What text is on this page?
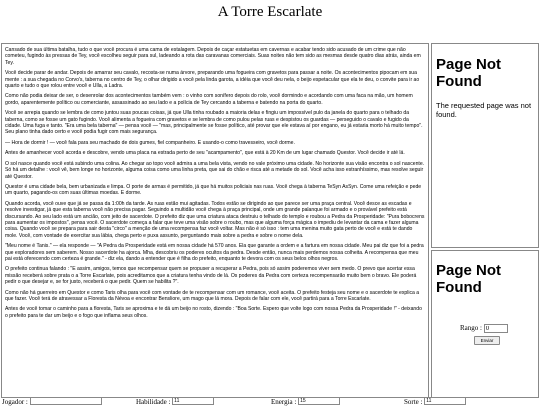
A Torre Escarlate

Cansado de sua última batalha, tudo o que você procura é uma cama de estalagem. Depois de caçar estatuetas em cavernas e acabar tendo sido acusado de um crime que não cometeu, fugindo às pressas de Tey, você escolheu seguir para sul, ladeando a rota das caravanas comerciais. Suas noites não tem sido as mesmas desde quatro dias atrás, ainda em Tey.

Você decide parar de andar. Depois de amarrar seu cavalo, recosta-se numa árvore, preparando uma fogueira com gravetos para passar a noite. Os acontecimentos pipocam em sua mente : a sua chegada no Corvo's, taberna no centro de Tey, o olhar dirigido a você pela linda garota, a idéia que você deu nela, o beijo espetacular que ela te deu, o convite para ir ao quarto e tudo o que rolou entre você e Ulla, a Ladra.

Como não podia deixar de ser, o desenrolar dos acontecimentos também vem : o vinho com sonífero depois do rolo, você dormindo e acordando com uma faca na mão, um homem gordo, aparentemente político ou comerciante, assassinado ao seu lado e a polícia de Tey cercando a taberna e batendo na porta do quarto.

Você se arrepia quando se lembra de como juntou suas poucas coisas, já que Ulla tinha roubado a maioria delas e fingiu um impossível pulo da janela do quarto para o telhado da taberna, como se fosse um gato fugindo. Você alimenta a fogueira com gravetos e se lembra de como pulou pelas ruas e despistou os guardas — perseguido o cavalo e fugido da cidade. Uma fuga e tanto. "Era uma bela taberna" — pensa você — "mas, principalmente se fosse político, até provar que ele estava aí por engano, eu já estaria morto há muito tempo". Seu plano tinha dado certo e você podia fugir com mais segurança.

— Hora de dormir ! — você fala para seu machado de dois gumes, fiel companheiro. E usando-o como travesseiro, você dorme.

Antes de amanhecer você acorda e descobre, vendo uma placa na estrada perto de seu "acampamento", que está à 20 Km de um lugar chamado Questor. Você decide ir até lá.

O sol nasce quando você está subindo uma colina. Ao chegar ao topo você admira a uma bela vista, vendo no vale próximo uma cidade. No horizonte sua visão encontra o sol nascente. Só há um detalhe : você vê, bem longe no horizonte, alguma coisa como uma linha preta, que sai do chão e risca até a metade do sol. Você acha isso estranhíssimo, mas resolve seguir até Questor.

Questor é uma cidade bela, bem urbanizada e limpa. O porte de armas é permitido, já que há muitos policiais nas ruas. Você chega à taberna TeSyn AsSyn. Come uma refeição e pede um quarto, pagando-os com suas últimas moedas. E dorme.

Quando acorda, você ouve que já se passa da 1:00h da tarde. As ruas estão mui agitadas. Todos estão se dirigindo ao que parece ser uma praça central. Você desce as escadas e resolve investigar, já que esta taberna você não precisa pagar. Seguindo a multidão você chega à praça principal, onde um grande palanque foi armado e o provável prefeito está discursando. Ao seu lado está um ancião, com jeito de sacerdote. O prefeito diz que uma criatura ataca destruiu o telhado do templo e roubou a Pedra da Prosperidade: "Pura bobocrens para aumentar os impostos", pensa você. O sacerdote começa a falar que teve uma visão sobre o roubo, mas que alguma força mágica o impediu de levantar da cama e fazer alguma coisa. Quando você se prepara para sair desta "circo" a menção de uma recompensa faz você voltar. Mas não é só isso : tem uma menina muito gata perto de você e está te dando mole. Você, com vontade de exercitar sua lábia, chega perto e puxa assunto, perguntando mais sobre a pedra e sobre o nome dela.

"Meu nome é Tanis." — ela responde — "A Pedra da Prosperidade está em nossa cidade há 570 anos. Ela que garante a ordem e a fartura em nossa cidade. Meu pai diz que foi a pedra que exploradores sem saberem. Nosso sacerdote ha ajorca. Mha, descobriu os poderes ocultos da pedra. Desde então, nunca mais perdemos nossa colheita. A recompensa que meu pai está oferecendo com certeza é grande." - diz ela, dando a entender que é filha do prefeito, enquanto te devora com os seus belos olhos negros.

O prefeito continua falando : "E assim, amigos, temos que recompensar quem se propuser a recuperar a Pedra, pois só assim poderemos viver sem medo. O prevo que acertar essa missão receberá sobre prata o a Torre Escarlate, pois acreditamos que a criatura tenha vindo de lá. Os poderes da Pedra com certeza recompensarão muito bem o bravo. Ele poderá pedir o que desejar e, se for justo, receberá o que pedir. Quem se habilita ?".

Como não há guerreiro em Questor e como Taris olha para você com vontade de te recompensar com um romance, você aceita. O prefeito festeja seu nome e o sacerdote te explica a que fazer. Você terá de atravessar a Floresta da Névoa e encontrar Bensliore, um mago que lá mora. Depois de falar com ele, você partirá para a Torre Escarlate.

Antes de você tomar o caminho para a floresta, Taris se aproxima e te dá um beijo no rosto, dizendo : "Boa Sorte. Espero que volte logo com nossa Pedra da Prosperidade !" - deixando o prefeito para te dar um beijo e o fogo que inflama seus olhos.

Page Not Found
The requested page was not found.
Page Not Found
Rango : 0
Enviar
Jogador :	Habilidade : 11	Energia : 15	Sorte : 11
